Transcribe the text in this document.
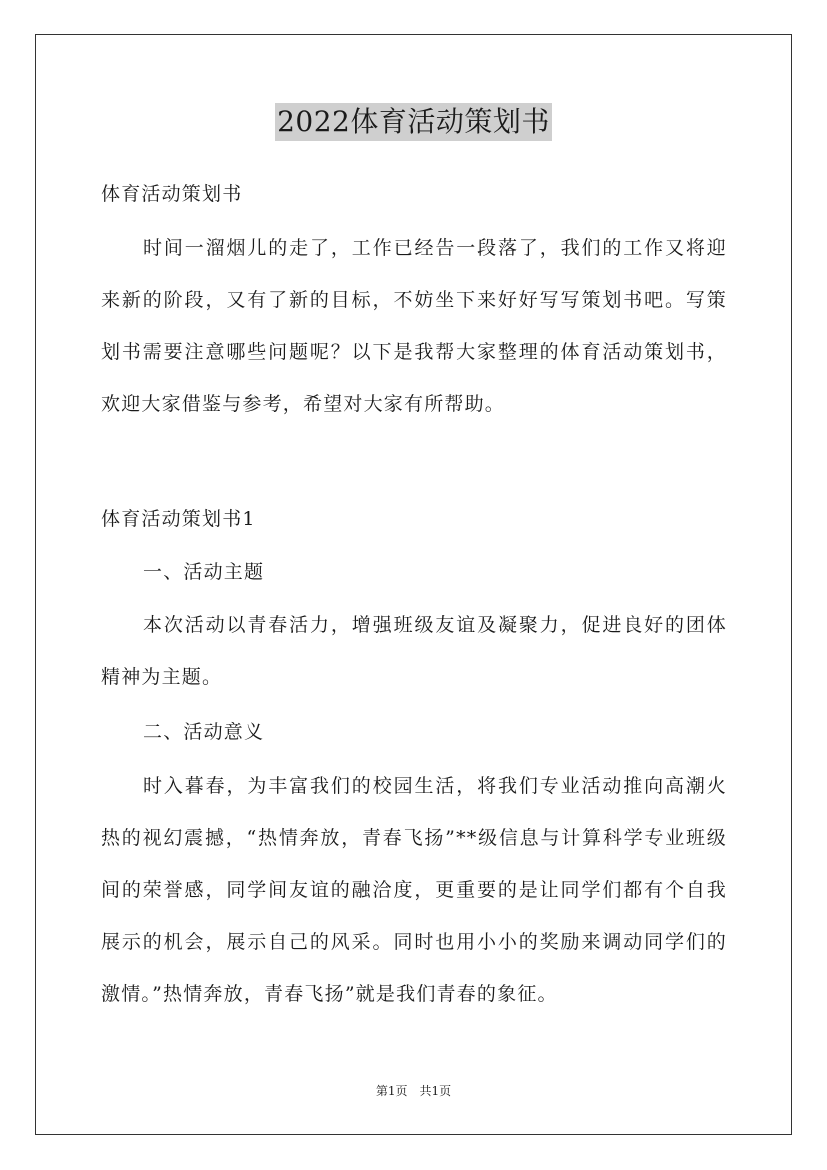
2022体育活动策划书
体育活动策划书
时间一溜烟儿的走了，工作已经告一段落了，我们的工作又将迎来新的阶段，又有了新的目标，不妨坐下来好好写写策划书吧。写策划书需要注意哪些问题呢？以下是我帮大家整理的体育活动策划书，欢迎大家借鉴与参考，希望对大家有所帮助。
体育活动策划书1
一、活动主题
本次活动以青春活力，增强班级友谊及凝聚力，促进良好的团体精神为主题。
二、活动意义
时入暮春，为丰富我们的校园生活，将我们专业活动推向高潮火热的视幻震撼，“热情奔放，青春飞扬”**级信息与计算科学专业班级间的荣誉感，同学间友谊的融洽度，更重要的是让同学们都有个自我展示的机会，展示自己的风采。同时也用小小的奖励来调动同学们的激情。”热情奔放，青春飞扬”就是我们青春的象征。
第1页　共1页
